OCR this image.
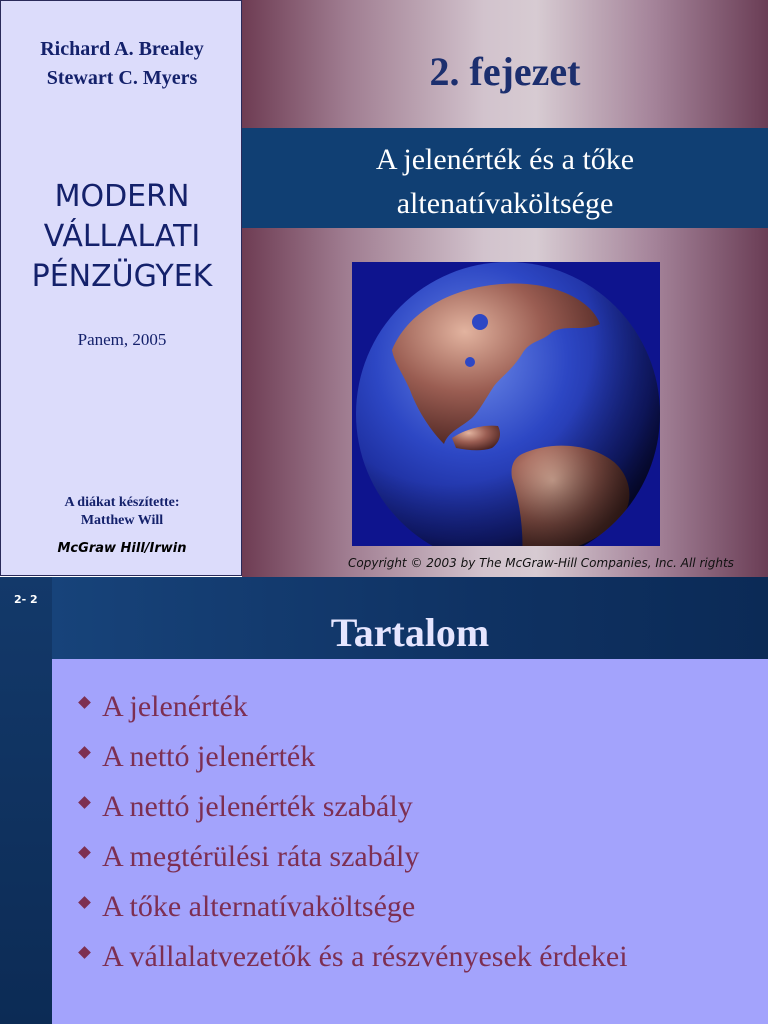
Richard A. Brealey
Stewart C. Myers
MODERN
VÁLLALATI
PÉNZÜGYEK
Panem, 2005
A diákat készítette:
Matthew Will
McGraw Hill/Irwin
2. fejezet
A jelenérték és a tőke
altenatívaköltsége
Copyright © 2003 by The McGraw-Hill Companies, Inc. All rights
2- 2
Tartalom
A jelenérték
A nettó jelenérték
A nettó jelenérték szabály
A megtérülési ráta szabály
A tőke alternatívaköltsége
A vállalatvezetők és a részvényesek érdekei
